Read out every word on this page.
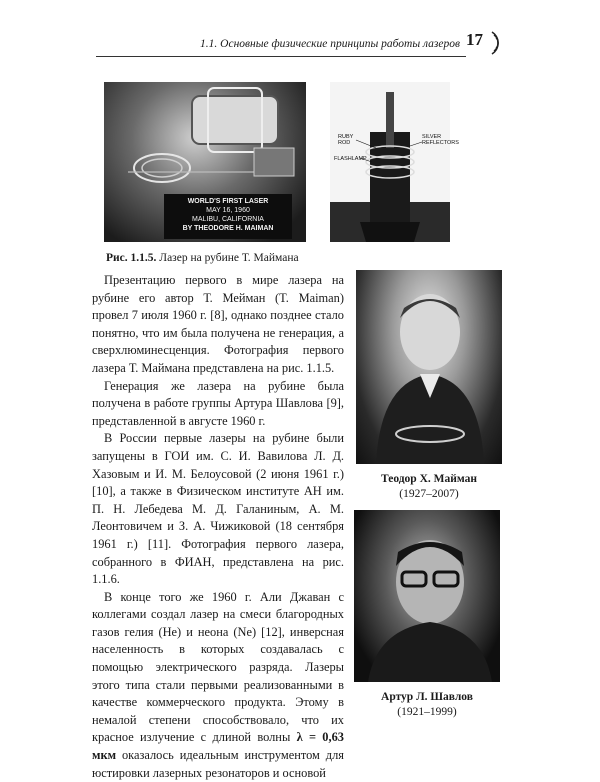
1.1. Основные физические принципы работы лазеров 17
WORLD'S FIRST LASER
MAY 16, 1960
MALIBU, CALIFORNIA
BY THEODORE H. MAIMAN
RUBY ROD
FLASHLAMP
SILVER REFLECTORS
Рис. 1.1.5. Лазер на рубине Т. Маймана

Презентацию первого в мире лазера на рубине его автор Т. Мейман (T. Maiman) провел 7 июля 1960 г. [8], однако позднее стало понятно, что им была получена не генерация, а сверхлюминесценция. Фотография первого лазера Т. Майманa представлена на рис. 1.1.5.

Генерация же лазера на рубине была получена в работе группы Артура Шавлова [9], представленной в августе 1960 г.

В России первые лазеры на рубине были запущены в ГОИ им. С. И. Вавилова Л. Д. Хазовым и И. М. Белоусовой (2 июня 1961 г.) [10], а также в Физическом институте АН им. П. Н. Лебедева М. Д. Галаниным, А. М. Леонтовичем и З. А. Чижиковой (18 сентября 1961 г.) [11]. Фотография первого лазера, собранного в ФИАН, представлена на рис. 1.1.6.

В конце того же 1960 г. Али Джаван с коллегами создал лазер на смеси благородных газов гелия (He) и неона (Ne) [12], инверсная населенность в которых создавалась с помощью электрического разряда. Лазеры этого типа стали первыми реализованными в качестве коммерческого продукта. Этому в немалой степени способствовало, что их красное излучение с длиной волны λ = 0,63 мкм оказалось идеальным инструментом для юстировки лазерных резонаторов и основой

Теодор Х. Майман
(1927–2007)
Артур Л. Шавлов
(1921–1999)
